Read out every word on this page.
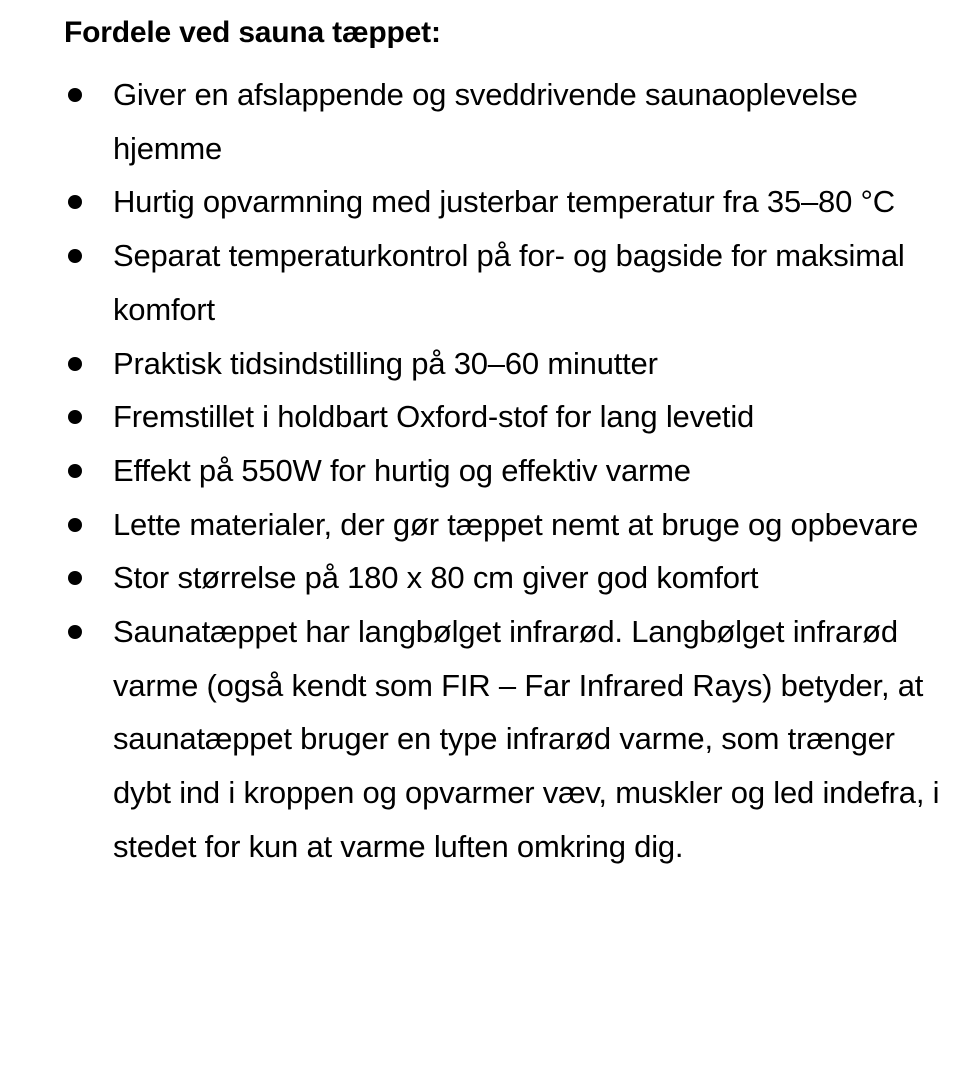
Fordele ved sauna tæppet:
Giver en afslappende og sveddrivende saunaoplevelse hjemme
Hurtig opvarmning med justerbar temperatur fra 35–80 °C
Separat temperaturkontrol på for- og bagside for maksimal komfort
Praktisk tidsindstilling på 30–60 minutter
Fremstillet i holdbart Oxford-stof for lang levetid
Effekt på 550W for hurtig og effektiv varme
Lette materialer, der gør tæppet nemt at bruge og opbevare
Stor størrelse på 180 x 80 cm giver god komfort
Saunatæppet har langbølget infrarød. Langbølget infrarød varme (også kendt som FIR – Far Infrared Rays) betyder, at saunatæppet bruger en type infrarød varme, som trænger dybt ind i kroppen og opvarmer væv, muskler og led indefra, i stedet for kun at varme luften omkring dig.
